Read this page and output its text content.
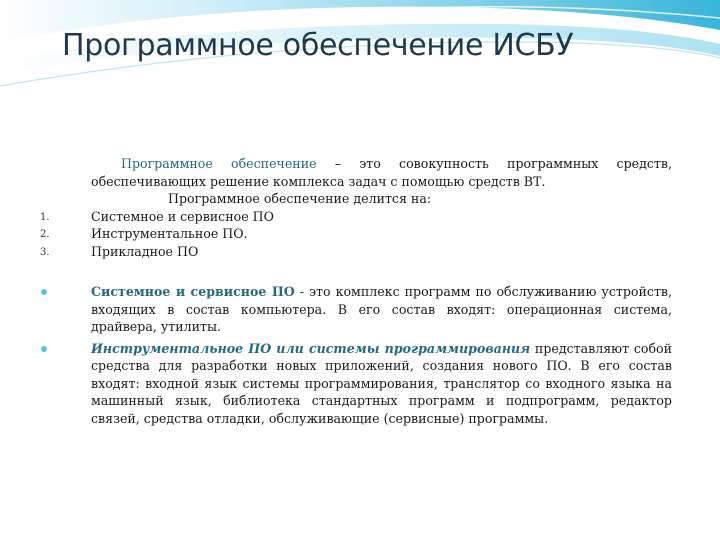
Программное обеспечение ИСБУ

Программное обеспечение – это совокупность программных средств, обеспечивающих решение комплекса задач с помощью средств ВТ.

Программное обеспечение делится на:

1.	Системное и сервисное ПО
2.	Инструментальное ПО.
3.	Прикладное ПО
Системное и сервисное ПО - это комплекс программ по обслуживанию устройств, входящих в состав компьютера. В его состав входят: операционная система, драйвера, утилиты.
Инструментальное ПО или системы программирования представляют собой средства для разработки новых приложений, создания нового ПО. В его состав входят: входной язык системы программирования, транслятор со входного языка на машинный язык, библиотека стандартных программ и подпрограмм, редактор связей, средства отладки, обслуживающие (сервисные) программы.
